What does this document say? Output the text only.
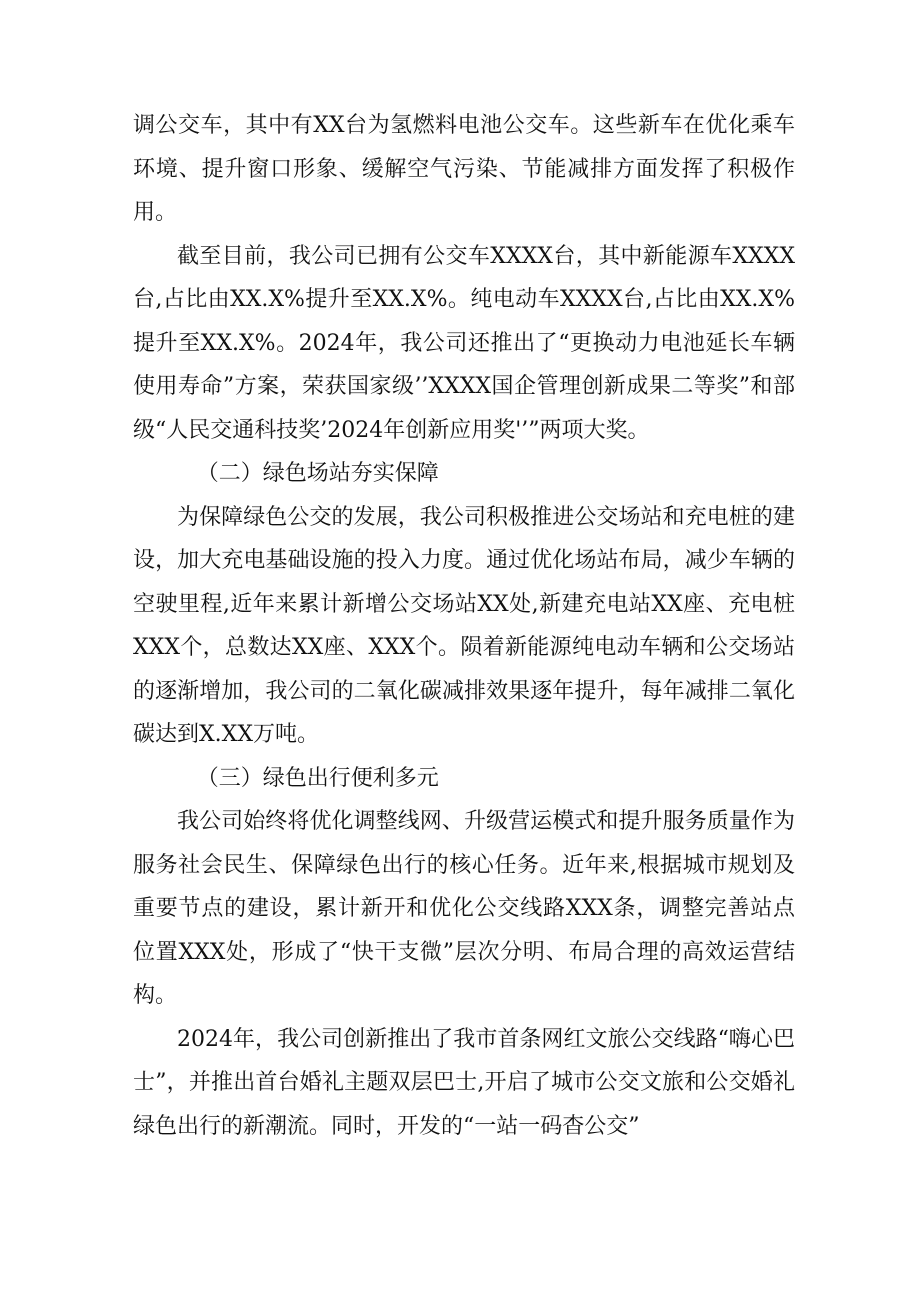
调公交车，其中有XX台为氢燃料电池公交车。这些新车在优化乘车环境、提升窗口形象、缓解空气污染、节能减排方面发挥了积极作用。

截至目前，我公司已拥有公交车XXXX台，其中新能源车XXXX台,占比由XX.X%提升至XX.X%。纯电动车XXXX台,占比由XX.X%提升至XX.X%。2024年，我公司还推出了“更换动力电池延长车辆使用寿命”方案，荣获国家级’’XXXX国企管理创新成果二等奖”和部级“人民交通科技奖’2024年创新应用奖'’”两项大奖。

（二）绿色场站夯实保障

为保障绿色公交的发展，我公司积极推进公交场站和充电桩的建设，加大充电基础设施的投入力度。通过优化场站布局，减少车辆的空驶里程,近年来累计新增公交场站XX处,新建充电站XX座、充电桩XXX个，总数达XX座、XXX个。陨着新能源纯电动车辆和公交场站的逐渐增加，我公司的二氧化碳减排效果逐年提升，每年减排二氧化碳达到X.XX万吨。

（三）绿色出行便利多元

我公司始终将优化调整线网、升级营运模式和提升服务质量作为服务社会民生、保障绿色出行的核心任务。近年来,根据城市规划及重要节点的建设，累计新开和优化公交线路XXX条，调整完善站点位置XXX处，形成了“快干支微”层次分明、布局合理的高效运营结构。

2024年，我公司创新推出了我市首条网红文旅公交线路“嗨心巴士”，并推出首台婚礼主题双层巴士,开启了城市公交文旅和公交婚礼绿色出行的新潮流。同时，开发的“一站一码杳公交”
